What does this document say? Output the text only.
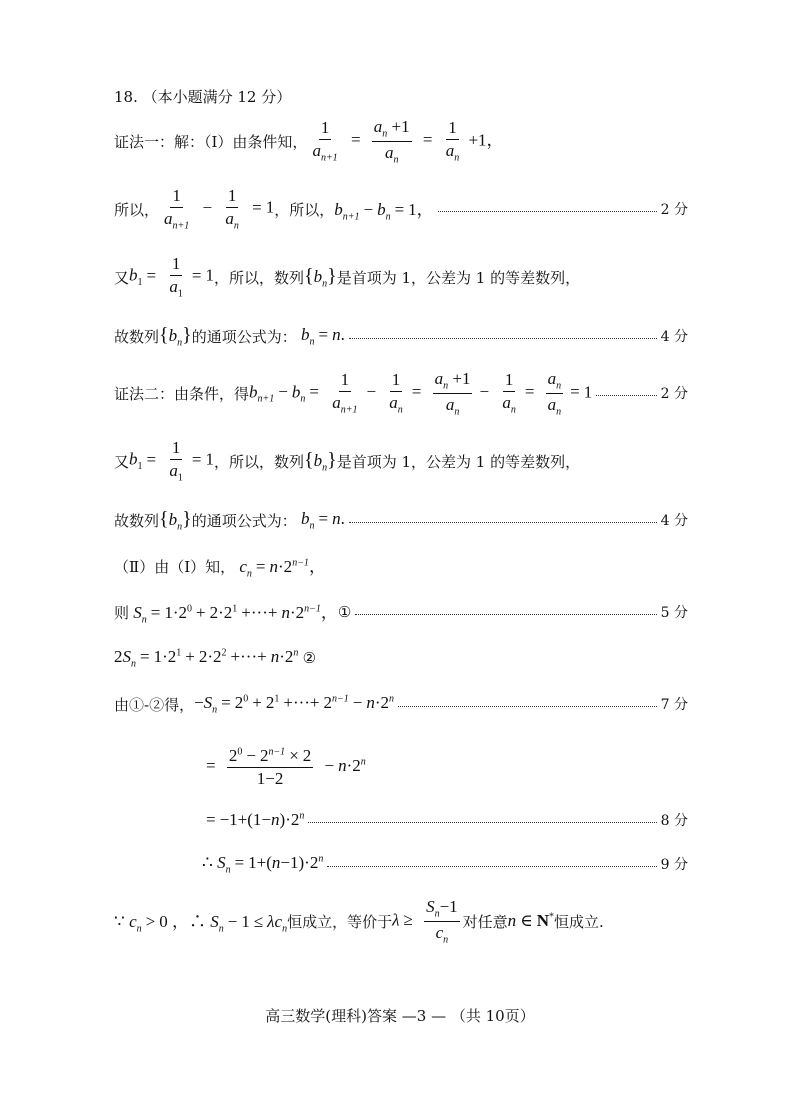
18. （本小题满分 12 分）
证法一：解：（Ⅰ）由条件知， $\frac{1}{a_{n+1}} = \frac{a_n +1}{a_n} = \frac{1}{a_n} +1$，
所以， $\frac{1}{a_{n+1}} - \frac{1}{a_n} = 1$ ，所以， $b_{n+1} - b_n = 1$，	2 分
又 $b_1 = \frac{1}{a_1} = 1$ ，所以，数列 $\{b_n\}$ 是首项为 1，公差为 1 的等差数列，
故数列 $\{b_n\}$ 的通项公式为： $b_n = n$.	4 分
证法二：由条件，得 $b_{n+1} - b_n = \frac{1}{a_{n+1}} - \frac{1}{a_n} = \frac{a_n +1}{a_n} - \frac{1}{a_n} = \frac{a_n}{a_n} = 1$	2 分
又 $b_1 = \frac{1}{a_1} = 1$ ，所以，数列 $\{b_n\}$ 是首项为 1，公差为 1 的等差数列，
故数列 $\{b_n\}$ 的通项公式为： $b_n = n$.	4 分
（Ⅱ）由（Ⅰ）知， $c_n = n\cdot 2^{n-1}$，
则 $S_n = 1\cdot 2^0 + 2\cdot 2^1$ +···+ $n\cdot 2^{n-1}$， ①	5 分
$2S_n = 1\cdot 2^1 + 2\cdot 2^2$ +···+ $n\cdot 2^n$ ②
由①-②得， $-S_n = 2^0 + 2^1$ +···+ $2^{n-1} - n\cdot 2^n$	7 分
= $\frac{2^0 - 2^{n-1} \times 2}{1-2} - n\cdot 2^n$
= $-1+(1-n)\cdot 2^n$	8 分
∴ $S_n = 1+(n-1)\cdot 2^n$	9 分
∵ $c_n > 0$ ，∴ $S_n - 1 \le \lambda c_n$ 恒成立，等价于 $\lambda \ge \frac{S_n-1}{c_n}$ 对任意 n ∈ N* 恒成立.
高三数学(理科)答案 —3 — （共 10页）
